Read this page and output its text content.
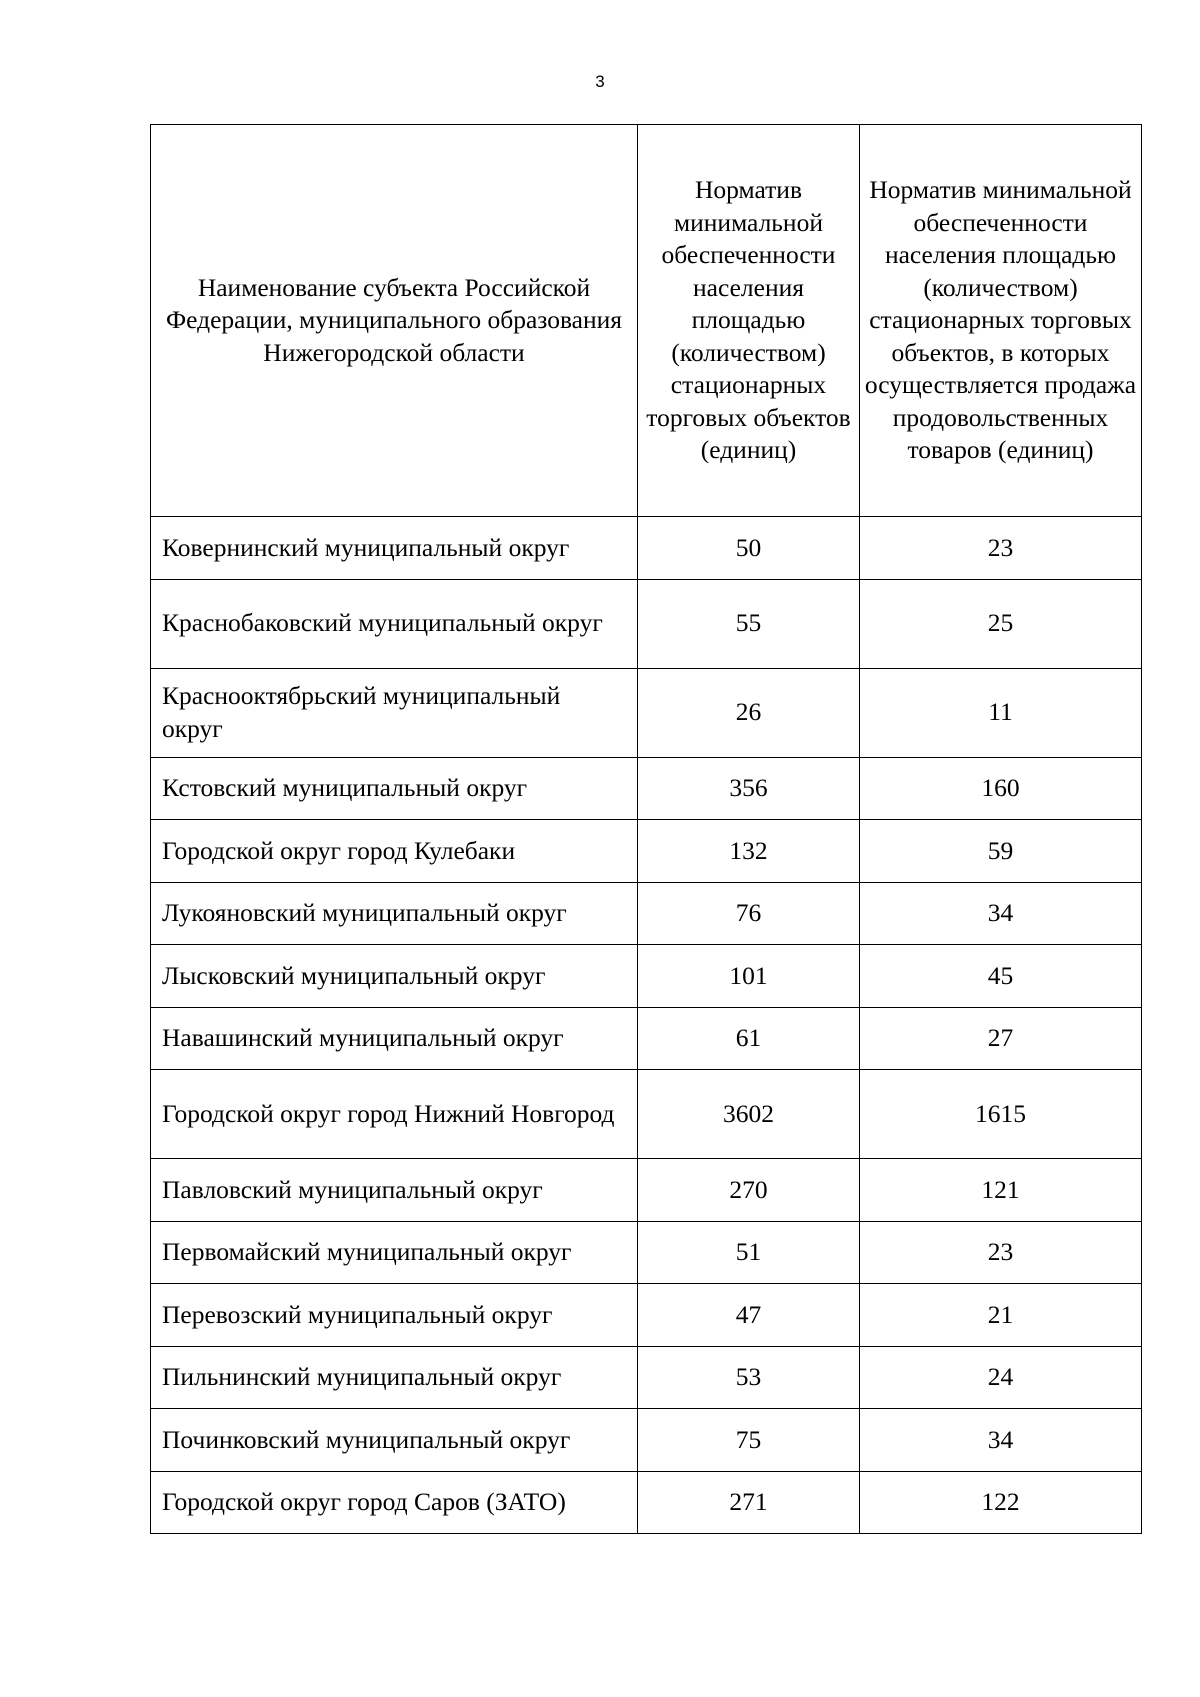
3
Наименование субъекта Российской Федерации, муниципального образования Нижегородской области	Норматив минимальной обеспеченности населения площадью (количеством) стационарных торговых объектов (единиц)	Норматив минимальной обеспеченности населения площадью (количеством) стационарных торговых объектов, в которых осуществляется продажа продовольственных товаров (единиц)
Ковернинский муниципальный округ	50	23
Краснобаковский муниципальный округ	55	25
Краснооктябрьский муниципальный округ	26	11
Кстовский муниципальный округ	356	160
Городской округ город Кулебаки	132	59
Лукояновский муниципальный округ	76	34
Лысковский муниципальный округ	101	45
Навашинский муниципальный округ	61	27
Городской округ город Нижний Новгород	3602	1615
Павловский муниципальный округ	270	121
Первомайский муниципальный округ	51	23
Перевозский муниципальный округ	47	21
Пильнинский муниципальный округ	53	24
Починковский муниципальный округ	75	34
Городской округ город Саров (ЗАТО)	271	122
